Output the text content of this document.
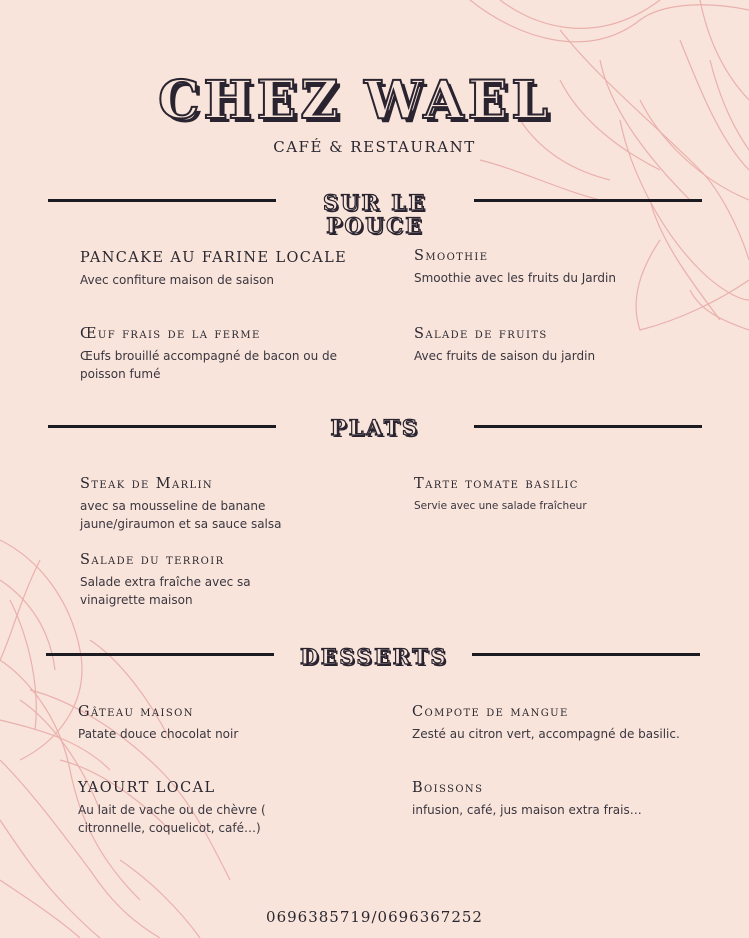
CHEZ WAEL
CAFÉ & RESTAURANT
SUR LE POUCE
PANCAKE AU FARINE LOCALE
Avec confiture maison de saison
Smoothie
Smoothie avec les fruits du Jardin
Œuf frais de la ferme
Œufs brouillé accompagné de bacon ou de poisson fumé
Salade de fruits
Avec fruits de saison du jardin
PLATS
Steak de Marlin
avec sa mousseline de banane jaune/giraumon et sa sauce salsa
Tarte tomate basilic
Servie avec une salade fraîcheur
Salade du terroir
Salade extra fraîche avec sa vinaigrette maison
DESSERTS
Gâteau maison
Patate douce chocolat noir
Compote de mangue
Zesté au citron vert, accompagné de basilic.
YAOURT LOCAL
Au lait de vache ou de chèvre ( citronnelle, coquelicot, café…)
Boissons
infusion, café, jus maison extra frais…
0696385719/0696367252
